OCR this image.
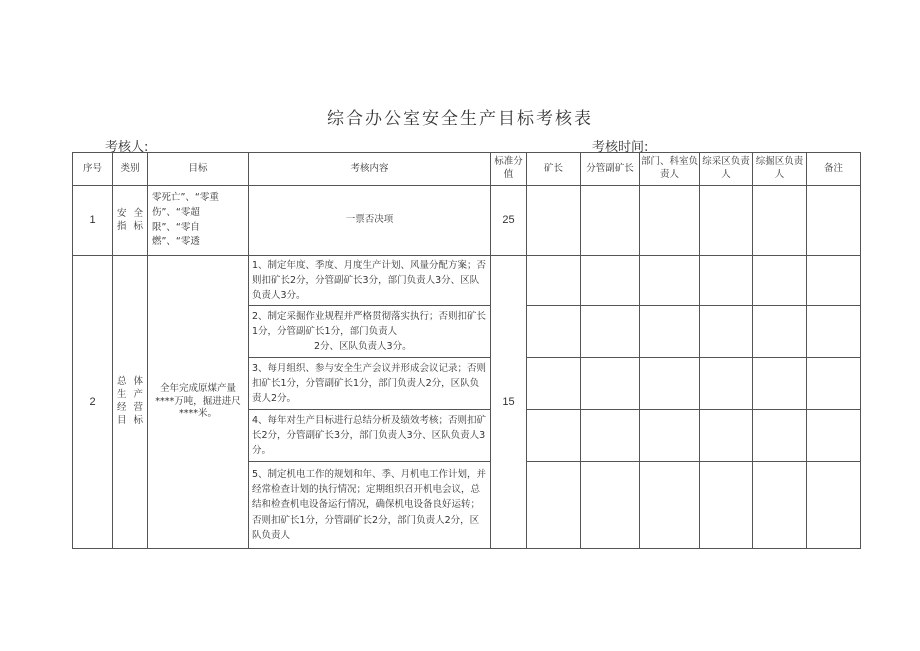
综合办公室安全生产目标考核表
考核人:	考核时间:
序号	类别	目标	考核内容	标准分值	矿长	分管副矿长	部门、科室负责人	综采区负责人	综掘区负责人	备注
1	安 全 指标	零死亡”、“零重
伤”、“零超
限”、“零自
燃”、“零透	一票否决项	25						
2	总 体 生 产 经 营目标	全年完成原煤产量****万吨，掘进进尺****米。	1、制定年度、季度、月度生产计划、风量分配方案；否则扣矿长2分，分管副矿长3分，部门负责人3分、区队负责人3分。	15						
			2、制定采掘作业规程并严格贯彻落实执行；否则扣矿长1分，分管副矿长1分，部门负责人
2分、区队负责人3分。							

			3、每月组织、参与安全生产会议并形成会议记录；否则扣矿长1分，分管副矿长1分，部门负责人2分，区队负责人2分。							
			4、每年对生产目标进行总结分析及绩效考核；否则扣矿长2分，分管副矿长3分，部门负责人3分、区队负责人3分。							
			5、制定机电工作的规划和年、季、月机电工作计划，并经常检查计划的执行情况；定期组织召开机电会议，总结和检查机电设备运行情况，确保机电设备良好运转；否则扣矿长1分，分管副矿长2分，部门负责人2分，区队负责人							
